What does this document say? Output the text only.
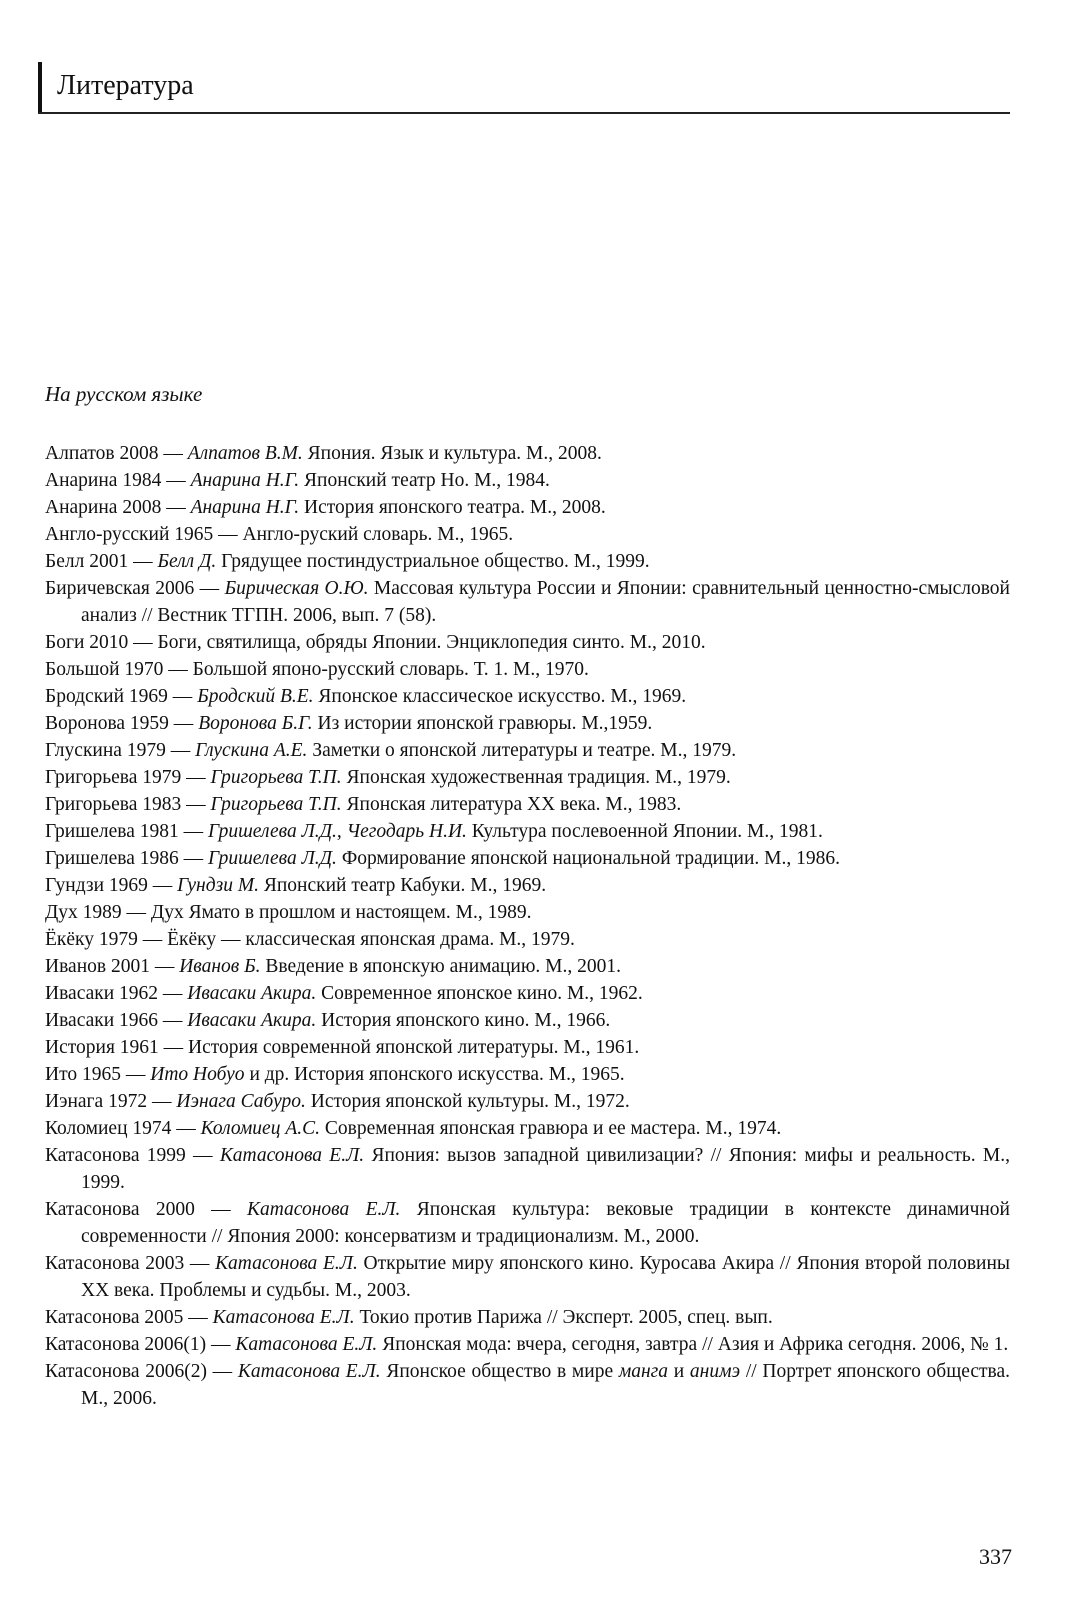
Литература
На русском языке
Алпатов 2008 — Алпатов В.М. Япония. Язык и культура. М., 2008.
Анарина 1984 — Анарина Н.Г. Японский театр Но. М., 1984.
Анарина 2008 — Анарина Н.Г. История японского театра. М., 2008.
Англо-русский 1965 — Англо-руский словарь. М., 1965.
Белл 2001 — Белл Д. Грядущее постиндустриальное общество. М., 1999.
Биричевская 2006 — Бирическая О.Ю. Массовая культура России и Японии: сравнительный ценностно-смысловой анализ // Вестник ТГПН. 2006, вып. 7 (58).
Боги 2010 — Боги, святилища, обряды Японии. Энциклопедия синто. М., 2010.
Большой 1970 — Большой японо-русский словарь. Т. 1. М., 1970.
Бродский 1969 — Бродский В.Е. Японское классическое искусство. М., 1969.
Воронова 1959 — Воронова Б.Г. Из истории японской гравюры. М.,1959.
Глускина 1979 — Глускина А.Е. Заметки о японской литературы и театре. М., 1979.
Григорьева 1979 — Григорьева Т.П. Японская художественная традиция. М., 1979.
Григорьева 1983 — Григорьева Т.П. Японская литература XX века. М., 1983.
Гришелева 1981 — Гришелева Л.Д., Чегодарь Н.И. Культура послевоенной Японии. М., 1981.
Гришелева 1986 — Гришелева Л.Д. Формирование японской национальной традиции. М., 1986.
Гундзи 1969 — Гундзи М. Японский театр Кабуки. М., 1969.
Дух 1989 — Дух Ямато в прошлом и настоящем. М., 1989.
Ёкёку 1979 — Ёкёку — классическая японская драма. М., 1979.
Иванов 2001 — Иванов Б. Введение в японскую анимацию. М., 2001.
Ивасаки 1962 — Ивасаки Акира. Современное японское кино. М., 1962.
Ивасаки 1966 — Ивасаки Акира. История японского кино. М., 1966.
История 1961 — История современной японской литературы. М., 1961.
Ито 1965 — Ито Нобуо и др. История японского искусства. М., 1965.
Иэнага 1972 — Иэнага Сабуро. История японской культуры. М., 1972.
Коломиец 1974 — Коломиец А.С. Современная японская гравюра и ее мастера. М., 1974.
Катасонова 1999 — Катасонова Е.Л. Япония: вызов западной цивилизации? // Япония: мифы и реальность. М., 1999.
Катасонова 2000 — Катасонова Е.Л. Японская культура: вековые традиции в контексте динамичной современности // Япония 2000: консерватизм и традиционализм. М., 2000.
Катасонова 2003 — Катасонова Е.Л. Открытие миру японского кино. Куросава Акира // Япония второй половины XX века. Проблемы и судьбы. М., 2003.
Катасонова 2005 — Катасонова Е.Л. Токио против Парижа // Эксперт. 2005, спец. вып.
Катасонова 2006(1) — Катасонова Е.Л. Японская мода: вчера, сегодня, завтра // Азия и Африка сегодня. 2006, № 1.
Катасонова 2006(2) — Катасонова Е.Л. Японское общество в мире манга и анимэ // Портрет японского общества. М., 2006.
337
